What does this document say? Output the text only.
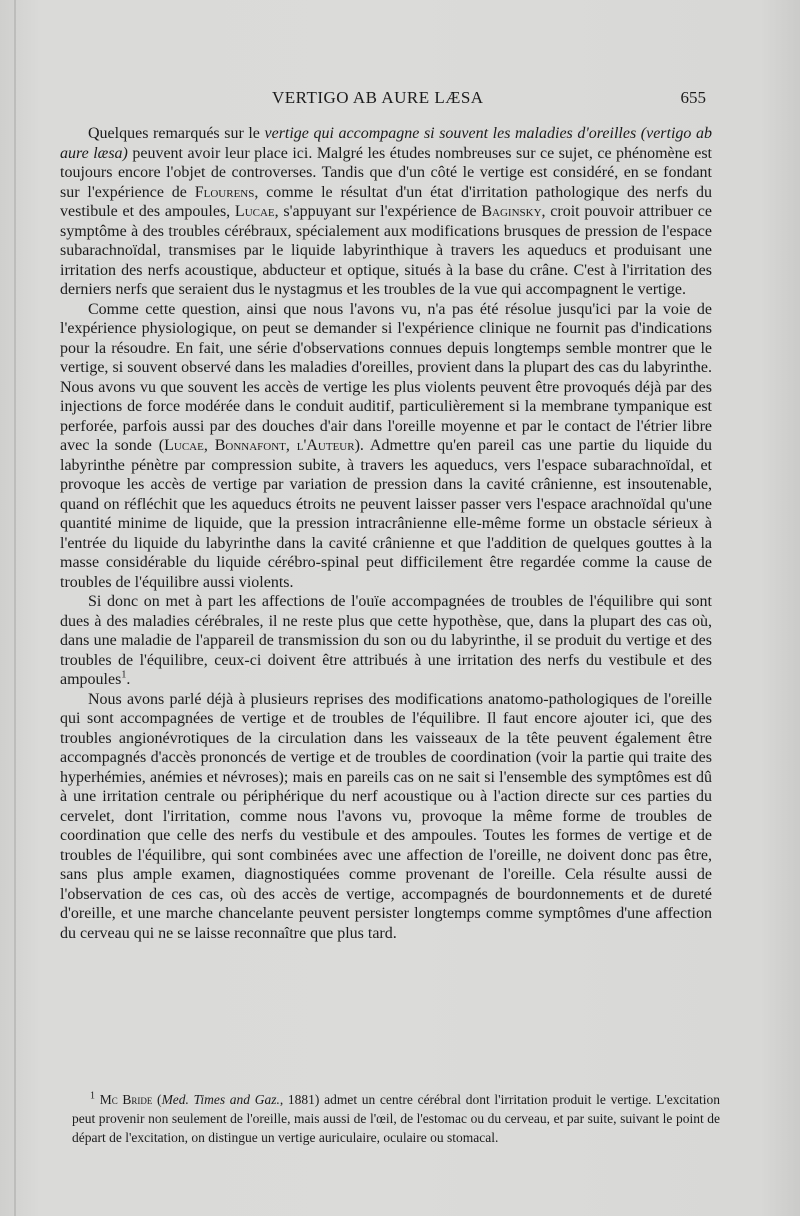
VERTIGO AB AURE LÆSA	655

Quelques remarqués sur le vertige qui accompagne si souvent les maladies d'oreilles (vertigo ab aure læsa) peuvent avoir leur place ici. Malgré les études nombreuses sur ce sujet, ce phénomène est toujours encore l'objet de controverses. Tandis que d'un côté le vertige est considéré, en se fondant sur l'expérience de Flourens, comme le résultat d'un état d'irritation pathologique des nerfs du vestibule et des ampoules, Lucae, s'appuyant sur l'expérience de Baginsky, croit pouvoir attribuer ce symptôme à des troubles cérébraux, spécialement aux modifications brusques de pression de l'espace subarachnoïdal, transmises par le liquide labyrinthique à travers les aqueducs et produisant une irritation des nerfs acoustique, abducteur et optique, situés à la base du crâne. C'est à l'irritation des derniers nerfs que seraient dus le nystagmus et les troubles de la vue qui accompagnent le vertige.

Comme cette question, ainsi que nous l'avons vu, n'a pas été résolue jusqu'ici par la voie de l'expérience physiologique, on peut se demander si l'expérience clinique ne fournit pas d'indications pour la résoudre. En fait, une série d'observations connues depuis longtemps semble montrer que le vertige, si souvent observé dans les maladies d'oreilles, provient dans la plupart des cas du labyrinthe. Nous avons vu que souvent les accès de vertige les plus violents peuvent être provoqués déjà par des injections de force modérée dans le conduit auditif, particulièrement si la membrane tympanique est perforée, parfois aussi par des douches d'air dans l'oreille moyenne et par le contact de l'étrier libre avec la sonde (Lucae, Bonnafont, l'Auteur). Admettre qu'en pareil cas une partie du liquide du labyrinthe pénètre par compression subite, à travers les aqueducs, vers l'espace subarachnoïdal, et provoque les accès de vertige par variation de pression dans la cavité crânienne, est insoutenable, quand on réfléchit que les aqueducs étroits ne peuvent laisser passer vers l'espace arachnoïdal qu'une quantité minime de liquide, que la pression intracrânienne elle-même forme un obstacle sérieux à l'entrée du liquide du labyrinthe dans la cavité crânienne et que l'addition de quelques gouttes à la masse considérable du liquide cérébro-spinal peut difficilement être regardée comme la cause de troubles de l'équilibre aussi violents.

Si donc on met à part les affections de l'ouïe accompagnées de troubles de l'équilibre qui sont dues à des maladies cérébrales, il ne reste plus que cette hypothèse, que, dans la plupart des cas où, dans une maladie de l'appareil de transmission du son ou du labyrinthe, il se produit du vertige et des troubles de l'équilibre, ceux-ci doivent être attribués à une irritation des nerfs du vestibule et des ampoules$^1$.

Nous avons parlé déjà à plusieurs reprises des modifications anatomo-pathologiques de l'oreille qui sont accompagnées de vertige et de troubles de l'équilibre. Il faut encore ajouter ici, que des troubles angionévrotiques de la circulation dans les vaisseaux de la tête peuvent également être accompagnés d'accès prononcés de vertige et de troubles de coordination (voir la partie qui traite des hyperhémies, anémies et névroses); mais en pareils cas on ne sait si l'ensemble des symptômes est dû à une irritation centrale ou périphérique du nerf acoustique ou à l'action directe sur ces parties du cervelet, dont l'irritation, comme nous l'avons vu, provoque la même forme de troubles de coordination que celle des nerfs du vestibule et des ampoules. Toutes les formes de vertige et de troubles de l'équilibre, qui sont combinées avec une affection de l'oreille, ne doivent donc pas être, sans plus ample examen, diagnostiquées comme provenant de l'oreille. Cela résulte aussi de l'observation de ces cas, où des accès de vertige, accompagnés de bourdonnements et de dureté d'oreille, et une marche chancelante peuvent persister longtemps comme symptômes d'une affection du cerveau qui ne se laisse reconnaître que plus tard.

$^1$ Mc Bride (Med. Times and Gaz., 1881) admet un centre cérébral dont l'irritation produit le vertige. L'excitation peut provenir non seulement de l'oreille, mais aussi de l'œil, de l'estomac ou du cerveau, et par suite, suivant le point de départ de l'excitation, on distingue un vertige auriculaire, oculaire ou stomacal.
